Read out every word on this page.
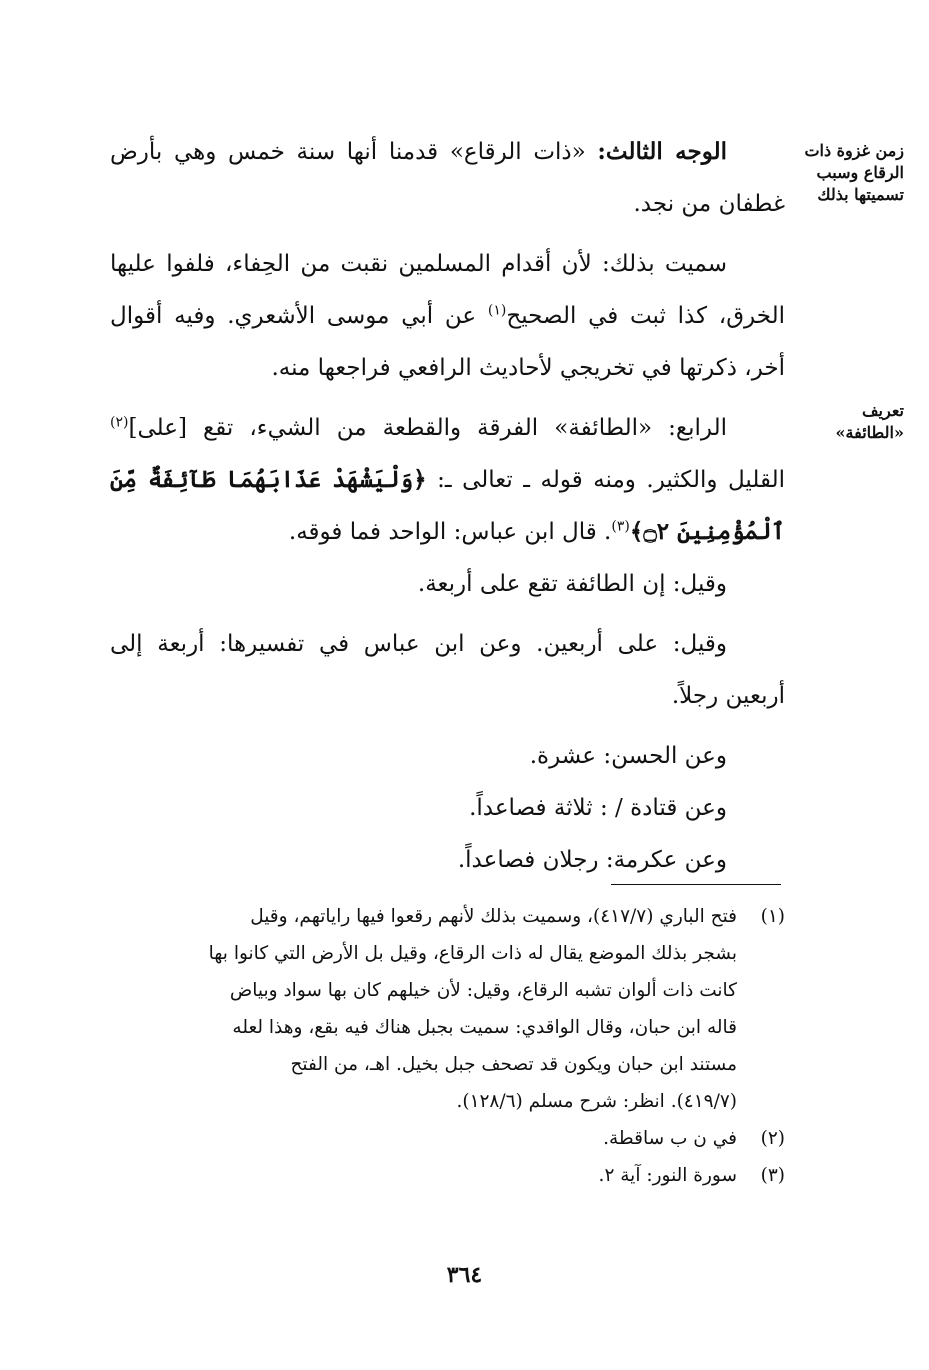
زمن غزوة ذات الرقاع وسبب تسميتها بذلك
تعريف «الطائفة»

الوجه الثالث: «ذات الرقاع» قدمنا أنها سنة خمس وهي بأرض غطفان من نجد.

سميت بذلك: لأن أقدام المسلمين نقبت من الحِفاء، فلفوا عليها الخرق، كذا ثبت في الصحيح$^{(١)}$ عن أبي موسى الأشعري. وفيه أقوال أخر، ذكرتها في تخريجي لأحاديث الرافعي فراجعها منه.

الرابع: «الطائفة» الفرقة والقطعة من الشيء، تقع [على]$^{(٢)}$ القليل والكثير. ومنه قوله ـ تعالى ـ: ﴿وَلْيَشْهَدْ عَذَابَهُمَا طَآئِفَةٌ مِّنَ ٱلْمُؤْمِنِينَ ۝٢﴾$^{(٣)}$. قال ابن عباس: الواحد فما فوقه.

وقيل: إن الطائفة تقع على أربعة.

وقيل: على أربعين. وعن ابن عباس في تفسيرها: أربعة إلى أربعين رجلاً.

وعن الحسن: عشرة.

وعن قتادة / : ثلاثة فصاعداً.

وعن عكرمة: رجلان فصاعداً.

(١)
فتح الباري (٤١٧/٧)، وسميت بذلك لأنهم رقعوا فيها راياتهم، وقيل
بشجر بذلك الموضع يقال له ذات الرقاع، وقيل بل الأرض التي كانوا بها
كانت ذات ألوان تشبه الرقاع، وقيل: لأن خيلهم كان بها سواد وبياض
قاله ابن حبان، وقال الواقدي: سميت بجبل هناك فيه بقع، وهذا لعله
مستند ابن حبان ويكون قد تصحف جبل بخيل. اهـ، من الفتح
(٤١٩/٧). انظر: شرح مسلم (١٢٨/٦).
(٢)
في ن ب ساقطة.
(٣)
سورة النور: آية ٢.
٣٦٤
